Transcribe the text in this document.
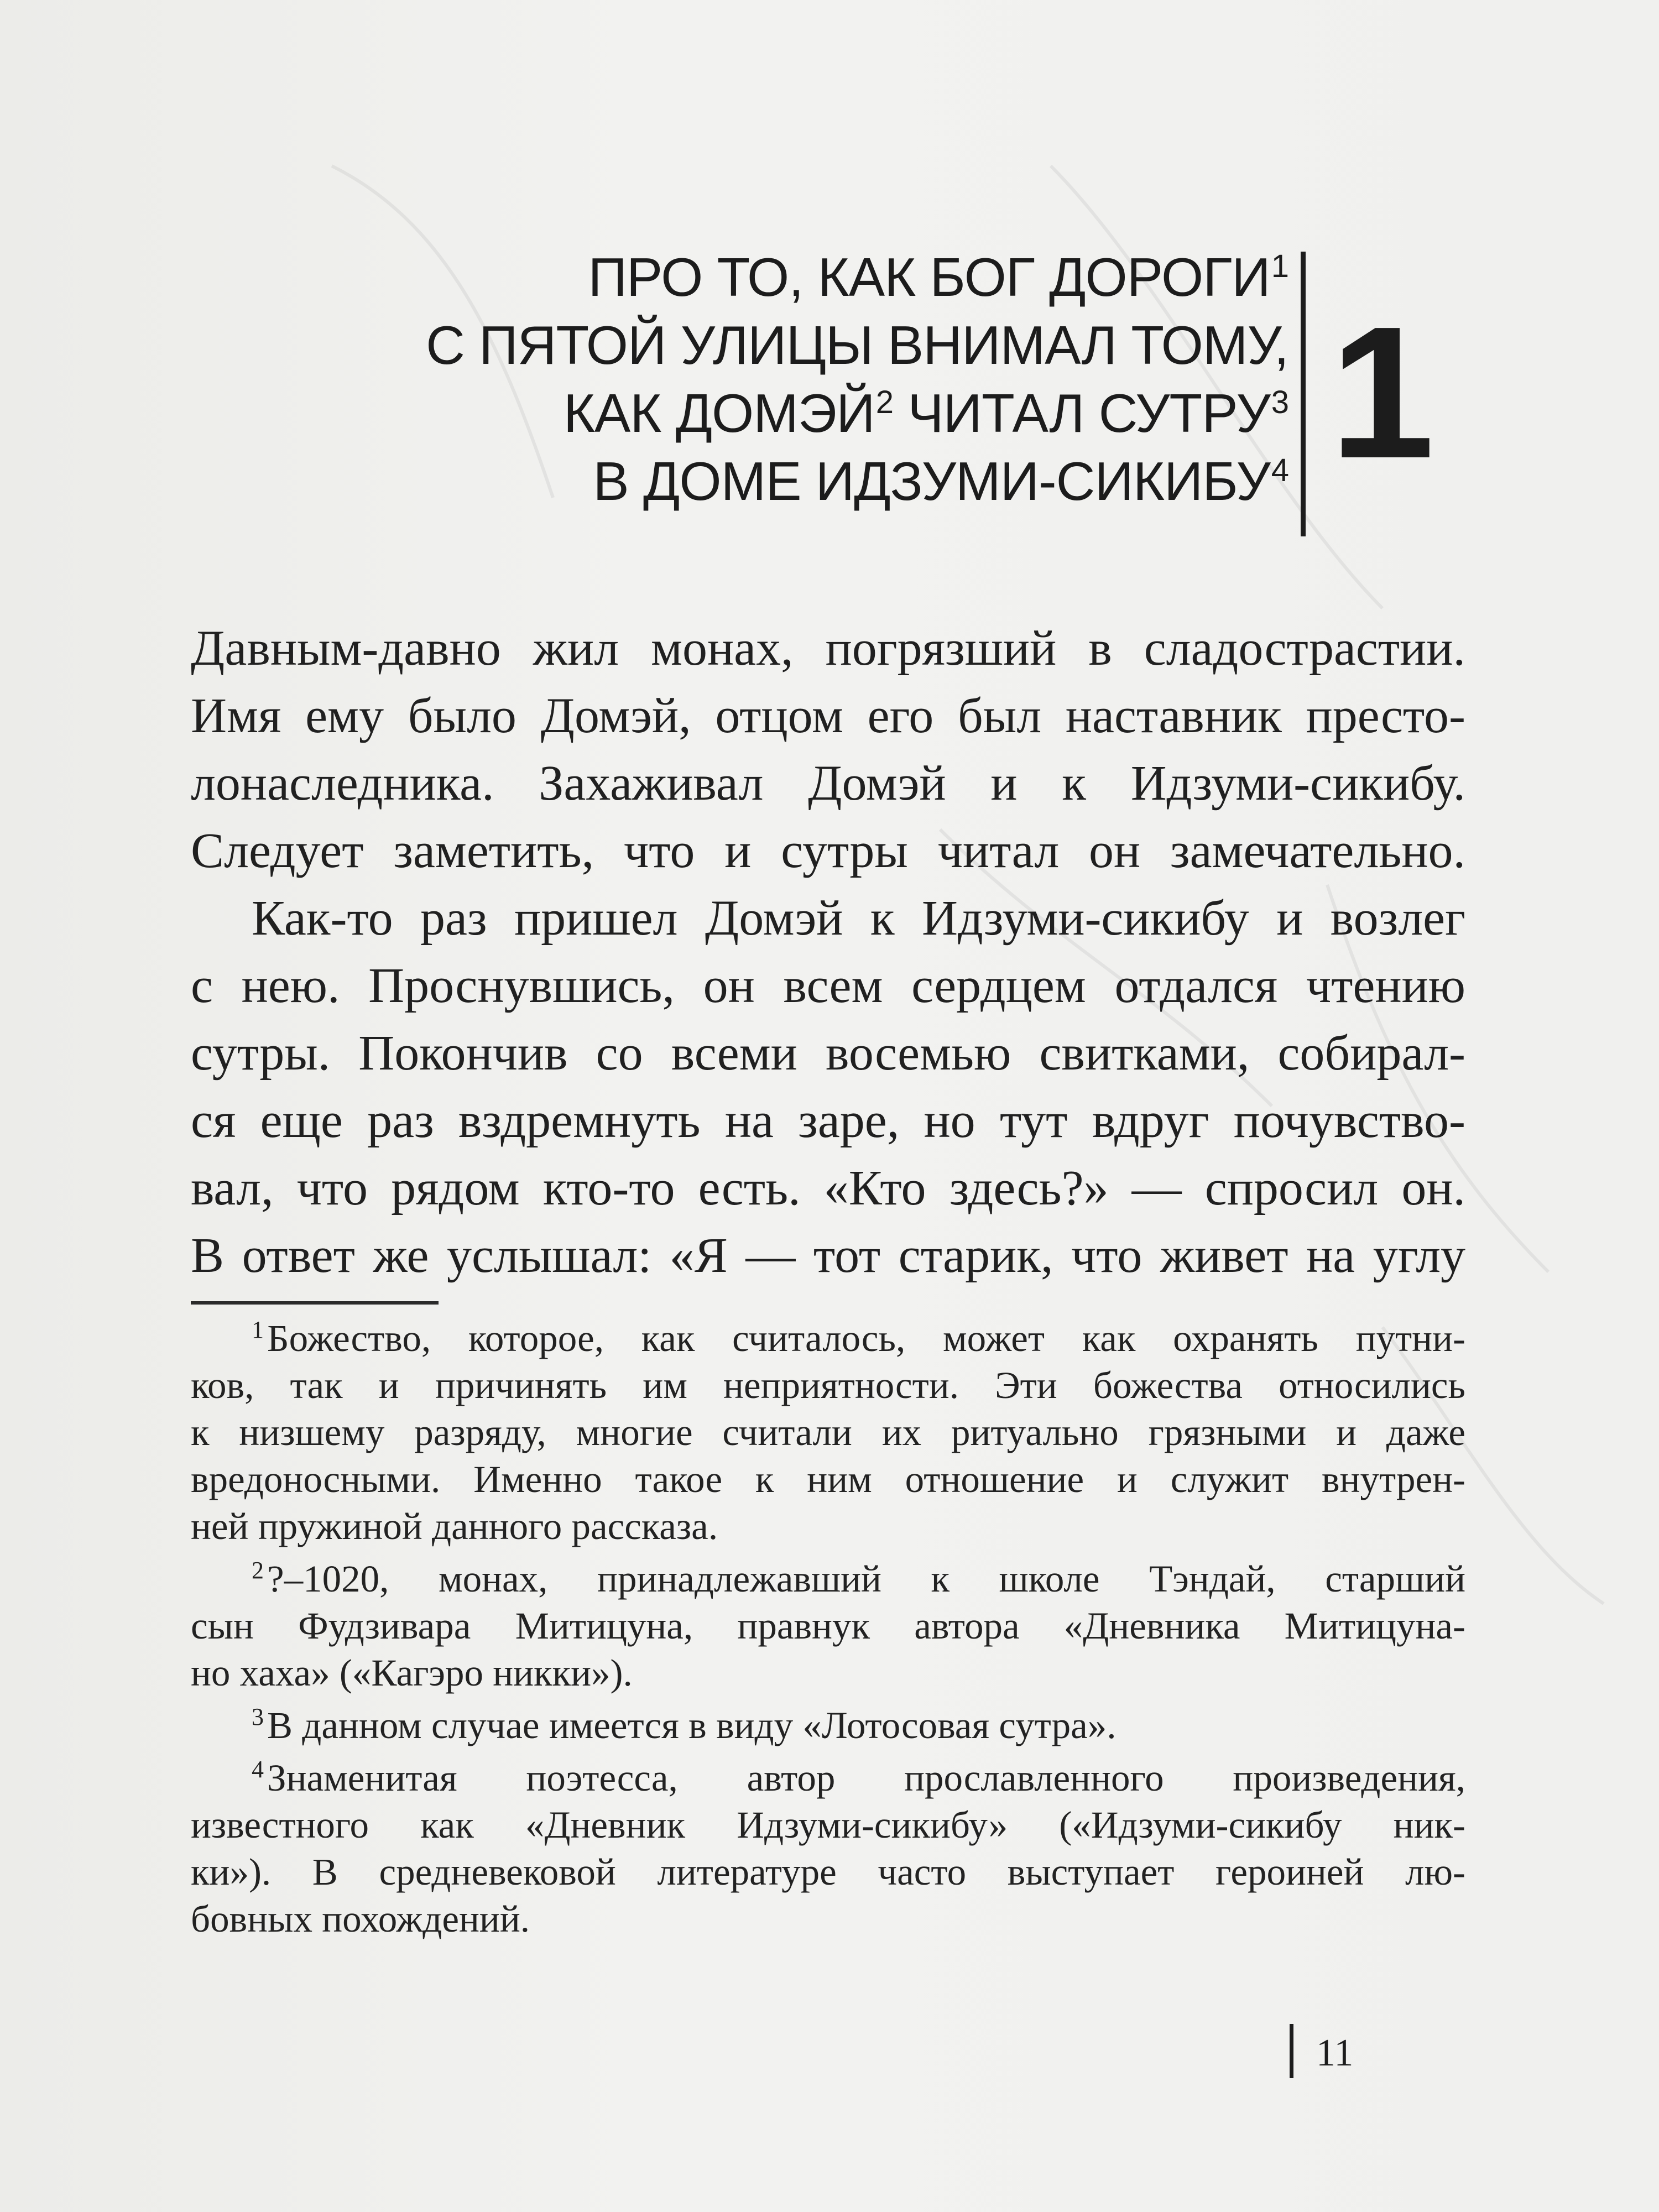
ПРО ТО, КАК БОГ ДОРОГИ$^1$
С ПЯТОЙ УЛИЦЫ ВНИМАЛ ТОМУ,
КАК ДОМЭЙ$^2$ ЧИТАЛ СУТРУ$^3$
В ДОМЕ ИДЗУМИ-СИКИБУ$^4$ 1
Давным-давно жил монах, погрязший в сладострастии.
Имя ему было Домэй, отцом его был наставник престо-
лонаследника. Захаживал Домэй и к Идзуми-сикибу.
Следует заметить, что и сутры читал он замечательно.
Как-то раз пришел Домэй к Идзуми-сикибу и возлег
с нею. Проснувшись, он всем сердцем отдался чтению
сутры. Покончив со всеми восемью свитками, собирал-
ся еще раз вздремнуть на заре, но тут вдруг почувство-
вал, что рядом кто-то есть. «Кто здесь?» — спросил он.
В ответ же услышал: «Я — тот старик, что живет на углу
$^1$Божество, которое, как считалось, может как охранять путни-
ков, так и причинять им неприятности. Эти божества относились
к низшему разряду, многие считали их ритуально грязными и даже
вредоносными. Именно такое к ним отношение и служит внутрен-
ней пружиной данного рассказа.
$^2$?–1020, монах, принадлежавший к школе Тэндай, старший
сын Фудзивара Митицуна, правнук автора «Дневника Митицуна-
но хаха» («Кагэро никки»).
$^3$В данном случае имеется в виду «Лотосовая сутра».
$^4$Знаменитая поэтесса, автор прославленного произведения,
известного как «Дневник Идзуми-сикибу» («Идзуми-сикибу ник-
ки»). В средневековой литературе часто выступает героиней лю-
бовных похождений.
11
